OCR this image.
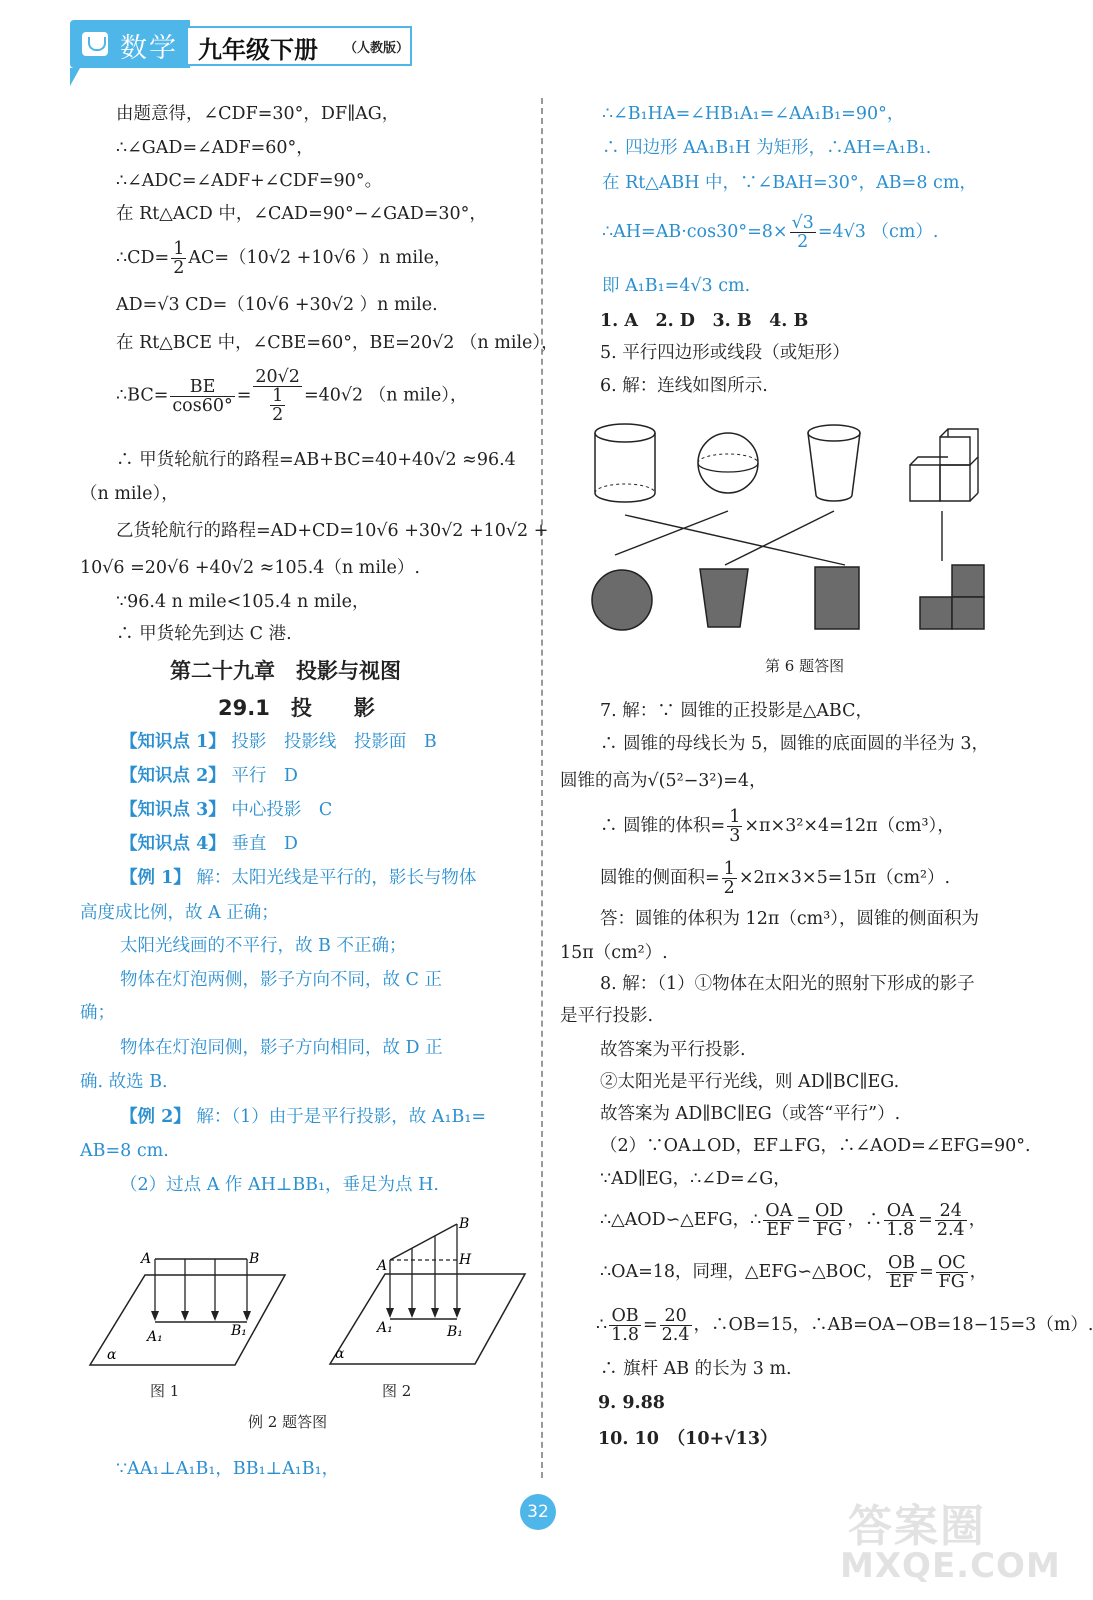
数学 九年级下册 （人教版）
由题意得，∠CDF=30°，DF∥AG，
∴∠GAD=∠ADF=60°，
∴∠ADC=∠ADF+∠CDF=90°。
在 Rt△ACD 中，∠CAD=90°−∠GAD=30°，
∴CD= $\frac{1}{2} AC=(10√2 +10√6$ ）n mile，
AD=√3 CD=（10√6 +30√2 ）n mile.
在 Rt△BCE 中，∠CBE=60°，BE=20√2 （n mile），
∴BC= $\frac{BE}{\cos 60^\circ} = \frac{20√2}{\frac{1}{2}} =40√2$ （n mile），
∴ 甲货轮航行的路程=AB+BC=40+40√2 ≈96.4
（n mile），
乙货轮航行的路程=AD+CD=10√6 +30√2 +10√2 +
10√6 =20√6 +40√2 ≈105.4（n mile）.
∵96.4 n mile<105.4 n mile，
∴ 甲货轮先到达 C 港.
第二十九章　投影与视图
29.1　投　　影
【知识点 1】 投影　投影线　投影面　B
【知识点 2】 平行　D
【知识点 3】 中心投影　C
【知识点 4】 垂直　D
【例 1】 解：太阳光线是平行的，影长与物体
高度成比例，故 A 正确；
太阳光线画的不平行，故 B 不正确；
物体在灯泡两侧，影子方向不同，故 C 正
确；
物体在灯泡同侧，影子方向相同，故 D 正
确. 故选 B.
【例 2】 解：（1）由于是平行投影，故 A₁B₁=
AB=8 cm.
（2）过点 A 作 AH⊥BB₁，垂足为点 H.
A	B
A₁	B₁
α
B
A	H
A₁	B₁
α
图 1	图 2
例 2 题答图
∵AA₁⊥A₁B₁，BB₁⊥A₁B₁，
∴∠B₁HA=∠HB₁A₁=∠AA₁B₁=90°，
∴ 四边形 AA₁B₁H 为矩形，∴AH=A₁B₁.
在 Rt△ABH 中，∵∠BAH=30°，AB=8 cm，
∴AH=AB·cos30°=8× $\frac{√3}{2} =4√3$ （cm）.
即 A₁B₁=4√3 cm.
1. A　2. D　3. B　4. B
5. 平行四边形或线段（或矩形）
6. 解：连线如图所示.
第 6 题答图
7. 解：∵ 圆锥的正投影是△ABC，
∴ 圆锥的母线长为 5，圆锥的底面圆的半径为 3，
圆锥的高为√(5²−3²)=4，
∴ 圆锥的体积= $\frac{1}{3} \times\pi\times 3^2\times 4=12\pi(cm^3)$，
圆锥的侧面积= $\frac{1}{2} \times 2\pi\times 3\times 5=15\pi(cm^2)$.
答：圆锥的体积为 12π（cm³），圆锥的侧面积为
15π（cm²）.
8. 解：（1）①物体在太阳光的照射下形成的影子
是平行投影.
故答案为平行投影.
②太阳光是平行光线，则 AD∥BC∥EG.
故答案为 AD∥BC∥EG（或答“平行”）.
（2）∵OA⊥OD，EF⊥FG，∴∠AOD=∠EFG=90°.
∵AD∥EG，∴∠D=∠G，
∴△AOD∽△EFG，∴ $\frac{OA}{EF} = \frac{OD}{FG}$ ，∴ $\frac{OA}{1.8} = \frac{24}{2.4}$ ，
∴OA=18，同理，△EFG∽△BOC， $\frac{OB}{EF} = \frac{OC}{FG}$ ，
∴ $\frac{OB}{1.8} = \frac{20}{2.4}$ ，∴OB=15，∴AB=OA−OB=18−15=3（m）.
∴ 旗杆 AB 的长为 3 m.
9. 9.88
10. 10　（10+√13）
32	答案圈
MXQE.COM
